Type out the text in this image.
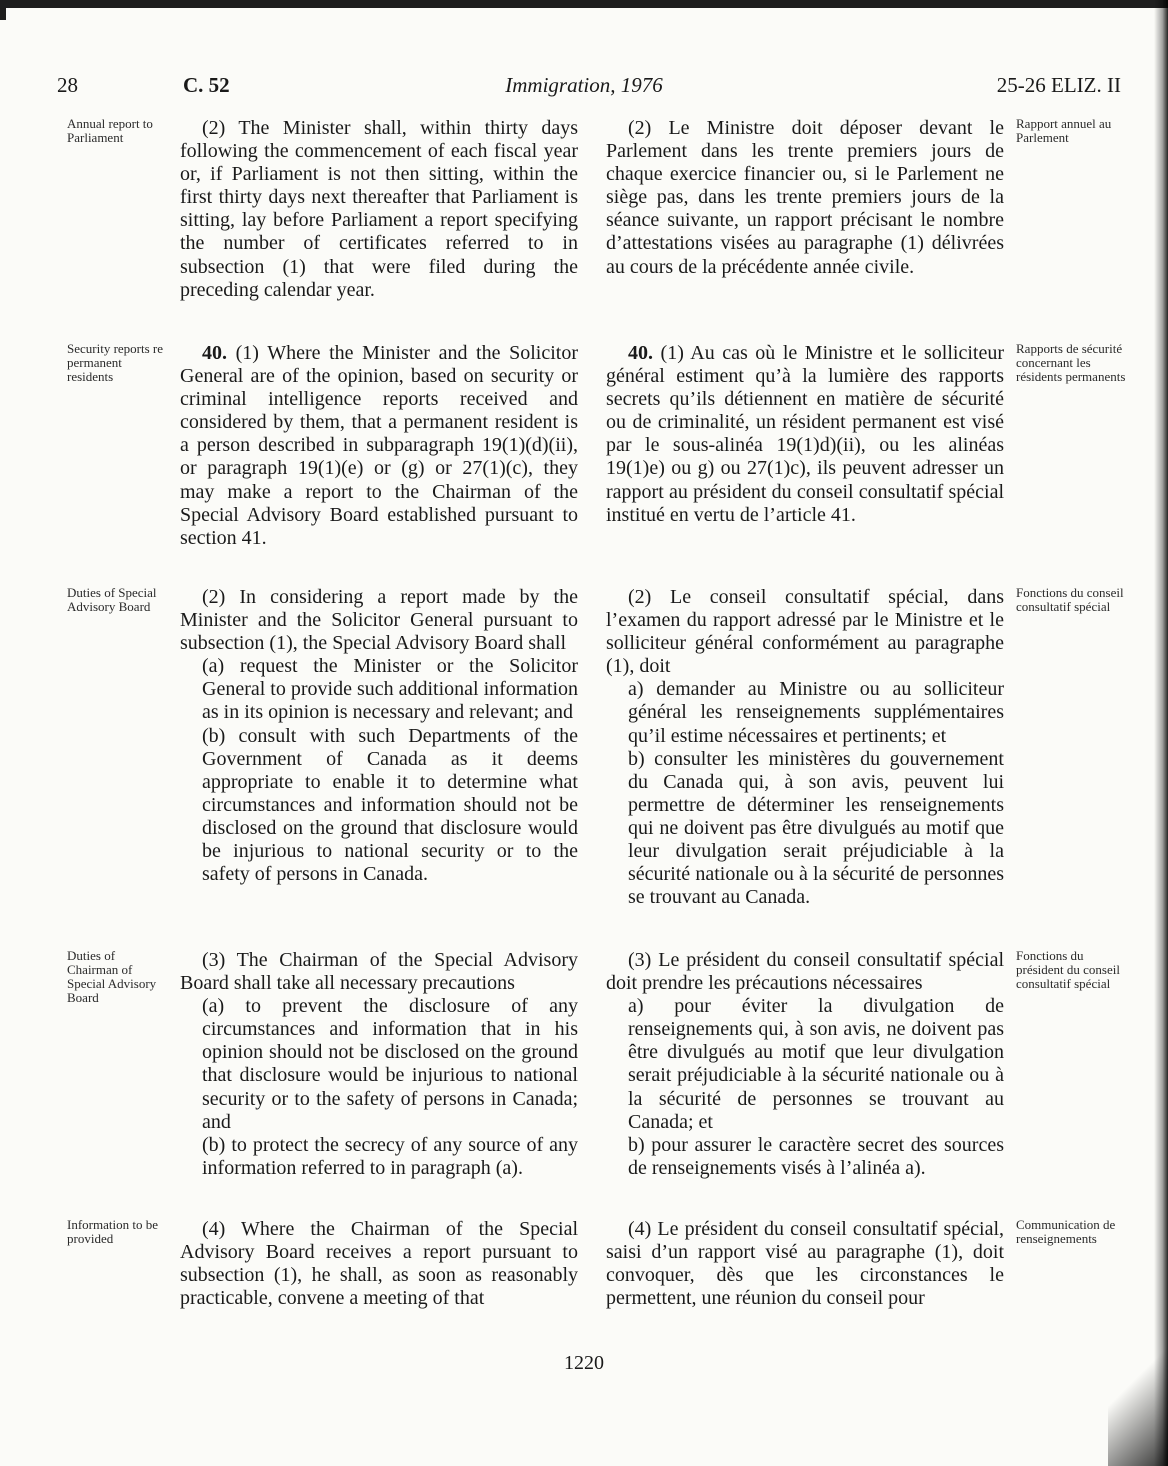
Immigration, 1976
28	C. 52	25-26 ELIZ. II
Annual report to Parliament
Rapport annuel au Parlement

(2) The Minister shall, within thirty days following the commencement of each fiscal year or, if Parliament is not then sitting, within the first thirty days next thereafter that Parliament is sitting, lay before Parliament a report specifying the number of certificates referred to in subsection (1) that were filed during the preceding calendar year.

(2) Le Ministre doit déposer devant le Parlement dans les trente premiers jours de chaque exercice financier ou, si le Parlement ne siège pas, dans les trente premiers jours de la séance suivante, un rapport précisant le nombre d’attestations visées au paragraphe (1) délivrées au cours de la précédente année civile.

Security reports re permanent residents
Rapports de sécurité concernant les résidents permanents

40. (1) Where the Minister and the Solicitor General are of the opinion, based on security or criminal intelligence reports received and considered by them, that a permanent resident is a person described in subparagraph 19(1)(d)(ii), or paragraph 19(1)(e) or (g) or 27(1)(c), they may make a report to the Chairman of the Special Advisory Board established pursuant to section 41.

40. (1) Au cas où le Ministre et le solliciteur général estiment qu’à la lumière des rapports secrets qu’ils détiennent en matière de sécurité ou de criminalité, un résident permanent est visé par le sous-alinéa 19(1)d)(ii), ou les alinéas 19(1)e) ou g) ou 27(1)c), ils peuvent adresser un rapport au président du conseil consultatif spécial institué en vertu de l’article 41.

Duties of Special Advisory Board
Fonctions du conseil consultatif spécial

(2) In considering a report made by the Minister and the Solicitor General pursuant to subsection (1), the Special Advisory Board shall

(a) request the Minister or the Solicitor General to provide such additional information as in its opinion is necessary and relevant; and

(b) consult with such Departments of the Government of Canada as it deems appropriate to enable it to determine what circumstances and information should not be disclosed on the ground that disclosure would be injurious to national security or to the safety of persons in Canada.

(2) Le conseil consultatif spécial, dans l’examen du rapport adressé par le Ministre et le solliciteur général conformément au paragraphe (1), doit

a) demander au Ministre ou au solliciteur général les renseignements supplémentaires qu’il estime nécessaires et pertinents; et

b) consulter les ministères du gouvernement du Canada qui, à son avis, peuvent lui permettre de déterminer les renseignements qui ne doivent pas être divulgués au motif que leur divulgation serait préjudiciable à la sécurité nationale ou à la sécurité de personnes se trouvant au Canada.

Duties of Chairman of Special Advisory Board
Fonctions du président du conseil consultatif spécial

(3) The Chairman of the Special Advisory Board shall take all necessary precautions

(a) to prevent the disclosure of any circumstances and information that in his opinion should not be disclosed on the ground that disclosure would be injurious to national security or to the safety of persons in Canada; and

(b) to protect the secrecy of any source of any information referred to in paragraph (a).

(3) Le président du conseil consultatif spécial doit prendre les précautions nécessaires

a) pour éviter la divulgation de renseignements qui, à son avis, ne doivent pas être divulgués au motif que leur divulgation serait préjudiciable à la sécurité nationale ou à la sécurité de personnes se trouvant au Canada; et

b) pour assurer le caractère secret des sources de renseignements visés à l’alinéa a).

Information to be provided
Communication de renseignements

(4) Where the Chairman of the Special Advisory Board receives a report pursuant to subsection (1), he shall, as soon as reasonably practicable, convene a meeting of that

(4) Le président du conseil consultatif spécial, saisi d’un rapport visé au paragraphe (1), doit convoquer, dès que les circonstances le permettent, une réunion du conseil pour

1220
